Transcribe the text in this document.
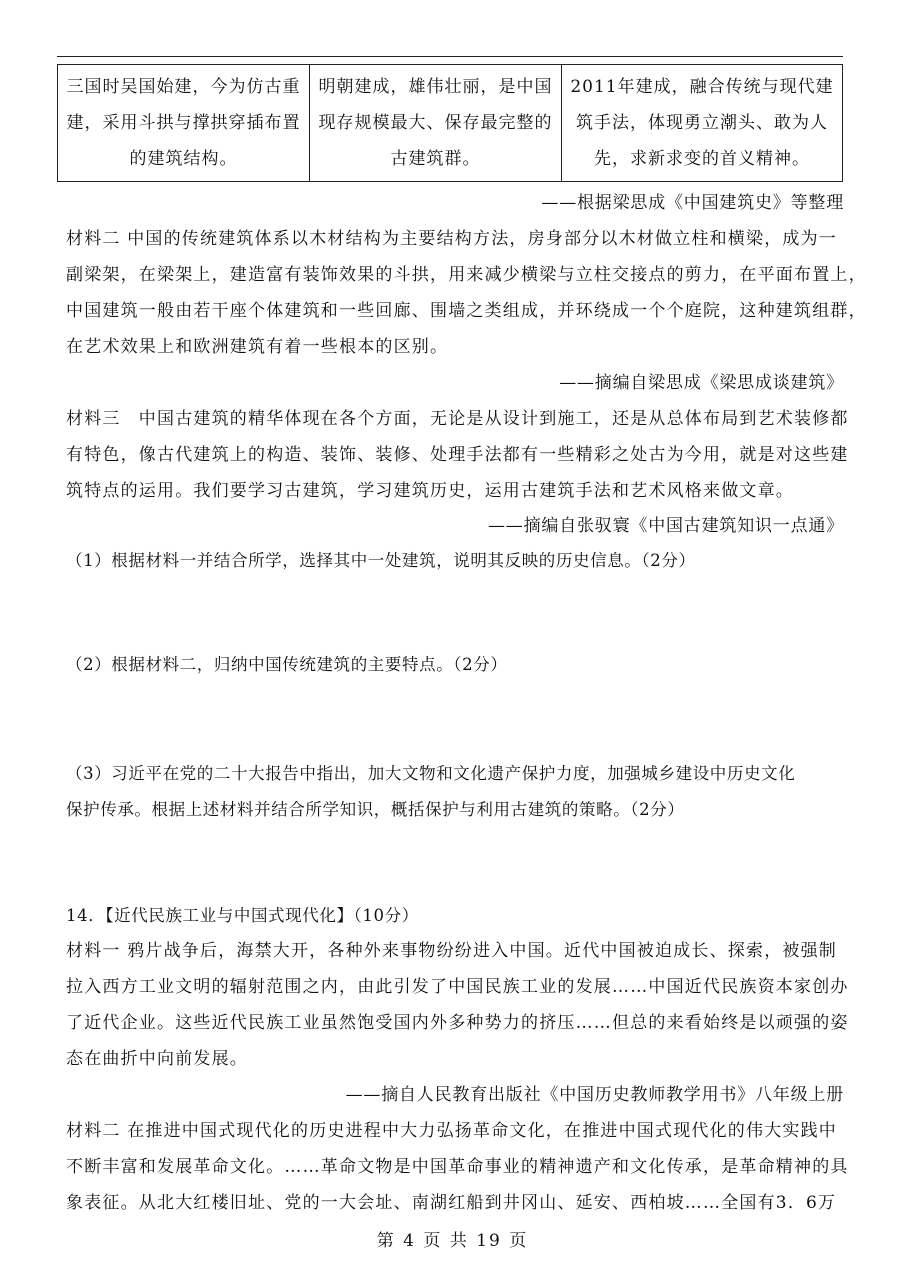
三国时吴国始建，今为仿古重建，采用斗拱与撑拱穿插布置的建筑结构。	明朝建成，雄伟壮丽，是中国现存规模最大、保存最完整的古建筑群。	2011年建成，融合传统与现代建筑手法，体现勇立潮头、敢为人先，求新求变的首义精神。
——根据梁思成《中国建筑史》等整理
材料二 中国的传统建筑体系以木材结构为主要结构方法，房身部分以木材做立柱和横梁，成为一
副梁架，在梁架上，建造富有装饰效果的斗拱，用来减少横梁与立柱交接点的剪力，在平面布置上，
中国建筑一般由若干座个体建筑和一些回廊、围墙之类组成，并环绕成一个个庭院，这种建筑组群，
在艺术效果上和欧洲建筑有着一些根本的区别。
——摘编自梁思成《梁思成谈建筑》
材料三　中国古建筑的精华体现在各个方面，无论是从设计到施工，还是从总体布局到艺术装修都
有特色，像古代建筑上的构造、装饰、装修、处理手法都有一些精彩之处古为今用，就是对这些建
筑特点的运用。我们要学习古建筑，学习建筑历史，运用古建筑手法和艺术风格来做文章。
——摘编自张驭寰《中国古建筑知识一点通》
（1）根据材料一并结合所学，选择其中一处建筑，说明其反映的历史信息。（2分）
（2）根据材料二，归纳中国传统建筑的主要特点。（2分）
（3）习近平在党的二十大报告中指出，加大文物和文化遗产保护力度，加强城乡建设中历史文化
保护传承。根据上述材料并结合所学知识，概括保护与利用古建筑的策略。（2分）
14．【近代民族工业与中国式现代化】（10分）
材料一 鸦片战争后，海禁大开，各种外来事物纷纷进入中国。近代中国被迫成长、探索，被强制
拉入西方工业文明的辐射范围之内，由此引发了中国民族工业的发展……中国近代民族资本家创办
了近代企业。这些近代民族工业虽然饱受国内外多种势力的挤压……但总的来看始终是以顽强的姿
态在曲折中向前发展。
——摘自人民教育出版社《中国历史教师教学用书》八年级上册
材料二 在推进中国式现代化的历史进程中大力弘扬革命文化，在推进中国式现代化的伟大实践中
不断丰富和发展革命文化。……革命文物是中国革命事业的精神遗产和文化传承，是革命精神的具
象表征。从北大红楼旧址、党的一大会址、南湖红船到井冈山、延安、西柏坡……全国有3．6万
第 4 页 共 19 页
